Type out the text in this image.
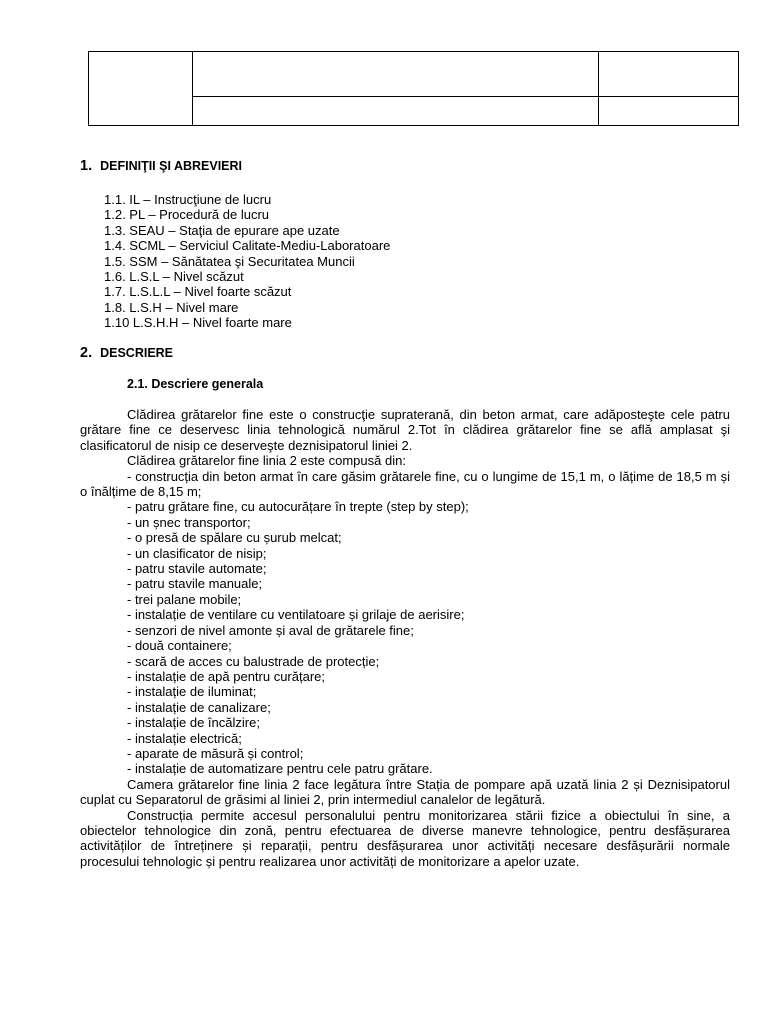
1. DEFINIŢII ŞI ABREVIERI
1.1. IL – Instrucţiune de lucru
1.2. PL – Procedură de lucru
1.3. SEAU – Staţia de epurare ape uzate
1.4. SCML – Serviciul Calitate-Mediu-Laboratoare
1.5. SSM – Sănătatea şi Securitatea Muncii
1.6. L.S.L – Nivel scăzut
1.7. L.S.L.L – Nivel foarte scăzut
1.8. L.S.H – Nivel mare
1.10 L.S.H.H – Nivel foarte mare
2. DESCRIERE
2.1. Descriere generala
Clădirea grătarelor fine este o construcţie supraterană, din beton armat, care adăposteşte cele patru grătare fine ce deservesc linia tehnologică numărul 2.Tot în clădirea grătarelor fine se află amplasat şi clasificatorul de nisip ce deserveşte deznisipatorul liniei 2.
Clădirea grătarelor fine linia 2 este compusă din:
- construcția din beton armat în care găsim grătarele fine, cu o lungime de 15,1 m, o lățime de 18,5 m și o înălțime de 8,15 m;
- patru grătare fine, cu autocurățare în trepte (step by step);
- un șnec transportor;
- o presă de spălare cu șurub melcat;
- un clasificator de nisip;
- patru stavile automate;
- patru stavile manuale;
- trei palane mobile;
- instalație de ventilare cu ventilatoare și grilaje de aerisire;
- senzori de nivel amonte și aval de grătarele fine;
- două containere;
- scară de acces cu balustrade de protecție;
- instalație de apă pentru curățare;
- instalație de iluminat;
- instalație de canalizare;
- instalație de încălzire;
- instalație electrică;
- aparate de măsură și control;
- instalație de automatizare pentru cele patru grătare.
Camera grătarelor fine linia 2 face legătura între Stația de pompare apă uzată linia 2 și Deznisipatorul cuplat cu Separatorul de grăsimi al liniei 2, prin intermediul canalelor de legătură.
Construcția permite accesul personalului pentru monitorizarea stării fizice a obiectului în sine, a obiectelor tehnologice din zonă, pentru efectuarea de diverse manevre tehnologice, pentru desfășurarea activităților de întreținere și reparații, pentru desfășurarea unor activități necesare desfășurării normale procesului tehnologic și pentru realizarea unor activități de monitorizare a apelor uzate.
